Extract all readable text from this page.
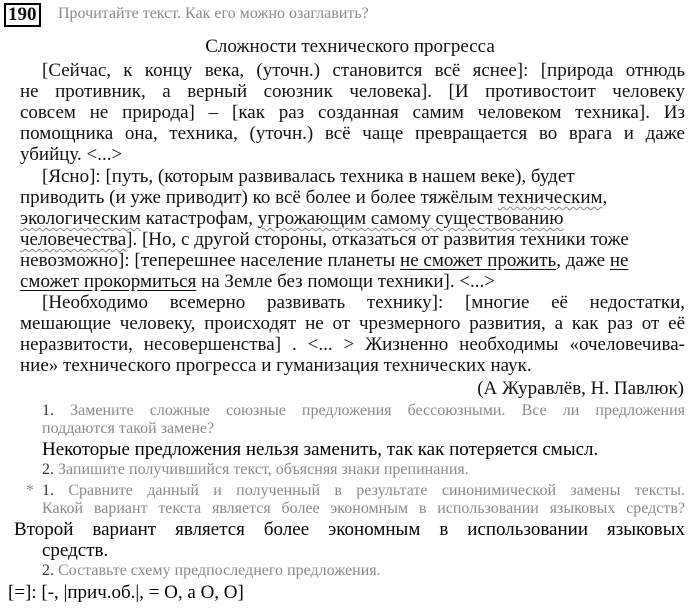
190 Прочитайте текст. Как его можно озаглавить?
Сложности технического прогресса
[Сейчас, к концу века, (уточн.) становится всё яснее]: [природа отнюдь
не противник, а верный союзник человека]. [И противостоит человеку
совсем не природа] – [как раз созданная самим человеком техника]. Из
помощника она, техника, (уточн.) всё чаще превращается во врага и даже
убийцу. <...>
[Ясно]: [путь, (которым развивалась техника в нашем веке), будет
приводить (и уже приводит) ко всё более и более тяжёлым техническим,
экологическим катастрофам, угрожающим самому существованию
человечества]. [Но, с другой стороны, отказаться от развития техники тоже
невозможно]: [теперешнее население планеты не сможет прожить, даже не
сможет прокормиться на Земле без помощи техники]. <...>
[Необходимо всемерно развивать технику]: [многие её недостатки,
мешающие человеку, происходят не от чрезмерного развития, а как раз от её
неразвитости, несовершенства] . <... > Жизненно необходимы «очеловечива-
ние» технического прогресса и гуманизация технических наук.
(А Журавлёв, Н. Павлюк)
1. Замените сложные союзные предложения бессоюзными. Все ли предложения
поддаются такой замене?
Некоторые предложения нельзя заменить, так как потеряется смысл.
2. Запишите получившийся текст, объясняя знаки препинания.
* 1. Сравните данный и полученный в результате синонимической замены тексты.
Какой вариант текста является более экономным в использовании языковых средств?
Второй вариант является более экономным в использовании языковых
средств.
2. Составьте схему предпоследнего предложения.
[=]: [-, |прич.об.|, = O, а O, O]
